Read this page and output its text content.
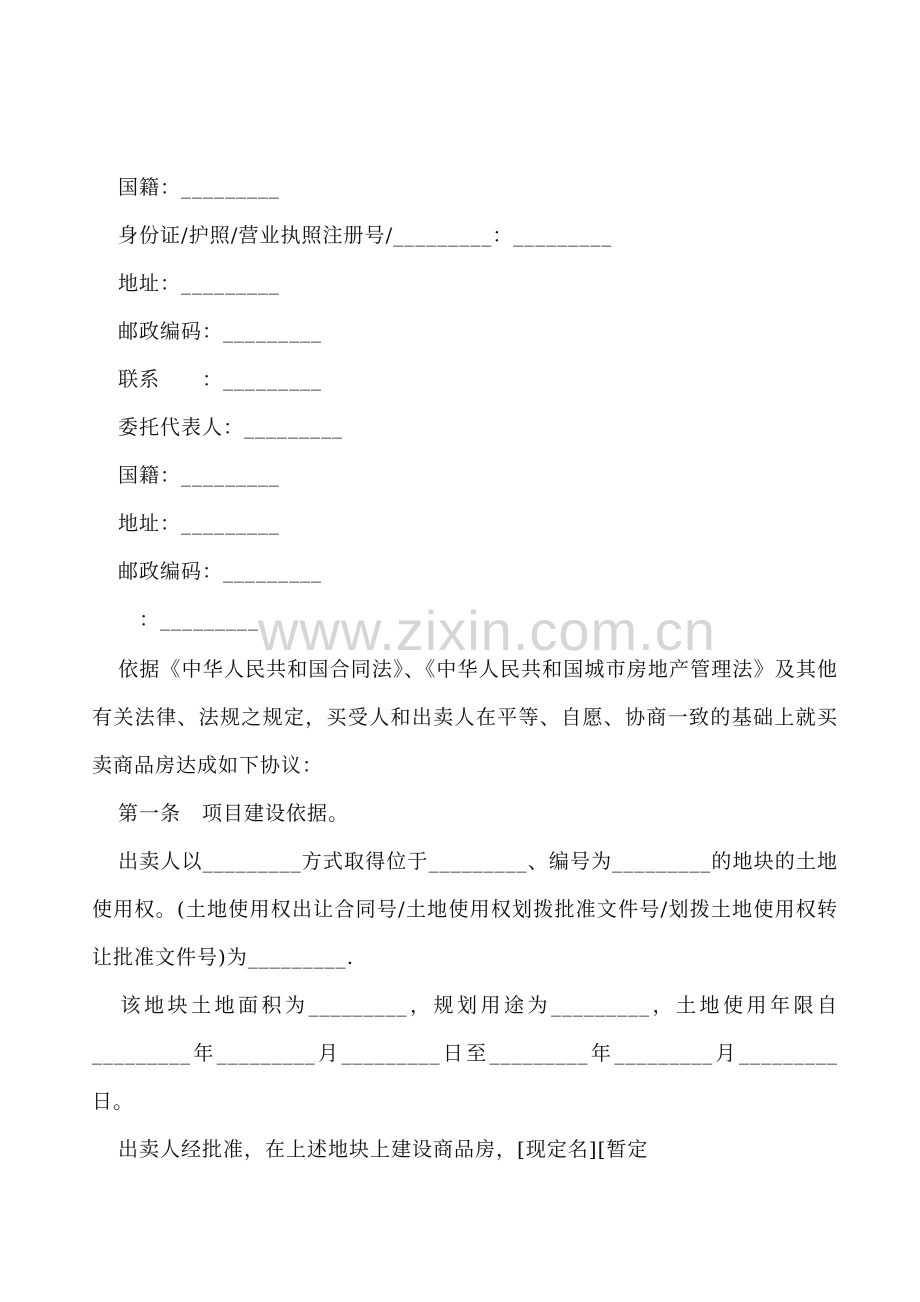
国籍：_________
身份证/护照/营业执照注册号/_________：_________
地址：_________
邮政编码：_________
联系　　：_________
委托代表人：_________
国籍：_________
地址：_________
邮政编码：_________
　：_________ www.zixin.com.cn
依据《中华人民共和国合同法》、《中华人民共和国城市房地产管理法》及其他有关法律、法规之规定，买受人和出卖人在平等、自愿、协商一致的基础上就买卖商品房达成如下协议：
第一条　项目建设依据。
出卖人以_________方式取得位于_________、编号为_________的地块的土地使用权。(土地使用权出让合同号/土地使用权划拨批准文件号/划拨土地使用权转让批准文件号)为_________.
该地块土地面积为_________，规划用途为_________，土地使用年限自_________年_________月_________日至_________年_________月_________日。
出卖人经批准，在上述地块上建设商品房，[现定名][暂定
